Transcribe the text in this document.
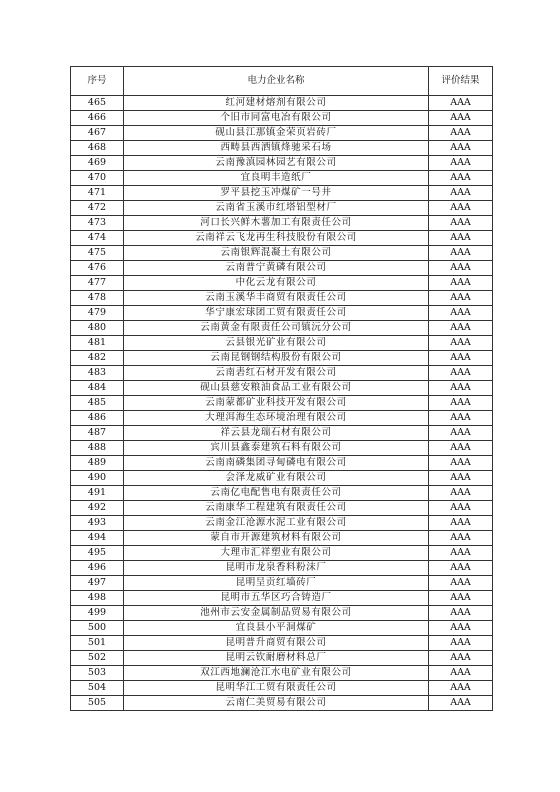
序号	电力企业名称	评价结果
465	红河建材熔剂有限公司	AAA
466	个旧市同富电冶有限公司	AAA
467	砚山县江那镇金荣页岩砖厂	AAA
468	西畴县西洒镇烽驰采石场	AAA
469	云南豫滇园林园艺有限公司	AAA
470	宜良明丰造纸厂	AAA
471	罗平县挖玉冲煤矿一号井	AAA
472	云南省玉溪市红塔铝型材厂	AAA
473	河口长兴鲜木薯加工有限责任公司	AAA
474	云南祥云飞龙再生科技股份有限公司	AAA
475	云南银辉混凝土有限公司	AAA
476	云南普宁黄磷有限公司	AAA
477	中化云龙有限公司	AAA
478	云南玉溪华丰商贸有限责任公司	AAA
479	华宁康宏球团工贸有限责任公司	AAA
480	云南黄金有限责任公司镇沅分公司	AAA
481	云县银光矿业有限公司	AAA
482	云南昆钢钢结构股份有限公司	AAA
483	云南砉红石材开发有限公司	AAA
484	砚山县慈安粮油食品工业有限公司	AAA
485	云南蒙都矿业科技开发有限公司	AAA
486	大理洱海生态环境治理有限公司	AAA
487	祥云县龙瑞石材有限公司	AAA
488	宾川县鑫泰建筑石料有限公司	AAA
489	云南南磷集团寻甸磷电有限公司	AAA
490	会泽龙威矿业有限公司	AAA
491	云南亿电配售电有限责任公司	AAA
492	云南康华工程建筑有限责任公司	AAA
493	云南金江沧源水泥工业有限公司	AAA
494	蒙自市开源建筑材料有限公司	AAA
495	大理市汇祥塑业有限公司	AAA
496	昆明市龙泉香料粉沫厂	AAA
497	昆明呈贡红墙砖厂	AAA
498	昆明市五华区巧合铸造厂	AAA
499	池州市云安金属制品贸易有限公司	AAA
500	宜良县小平洞煤矿	AAA
501	昆明普升商贸有限公司	AAA
502	昆明云钦耐磨材料总厂	AAA
503	双江西地澜沧江水电矿业有限公司	AAA
504	昆明华江工贸有限责任公司	AAA
505	云南仁美贸易有限公司	AAA
